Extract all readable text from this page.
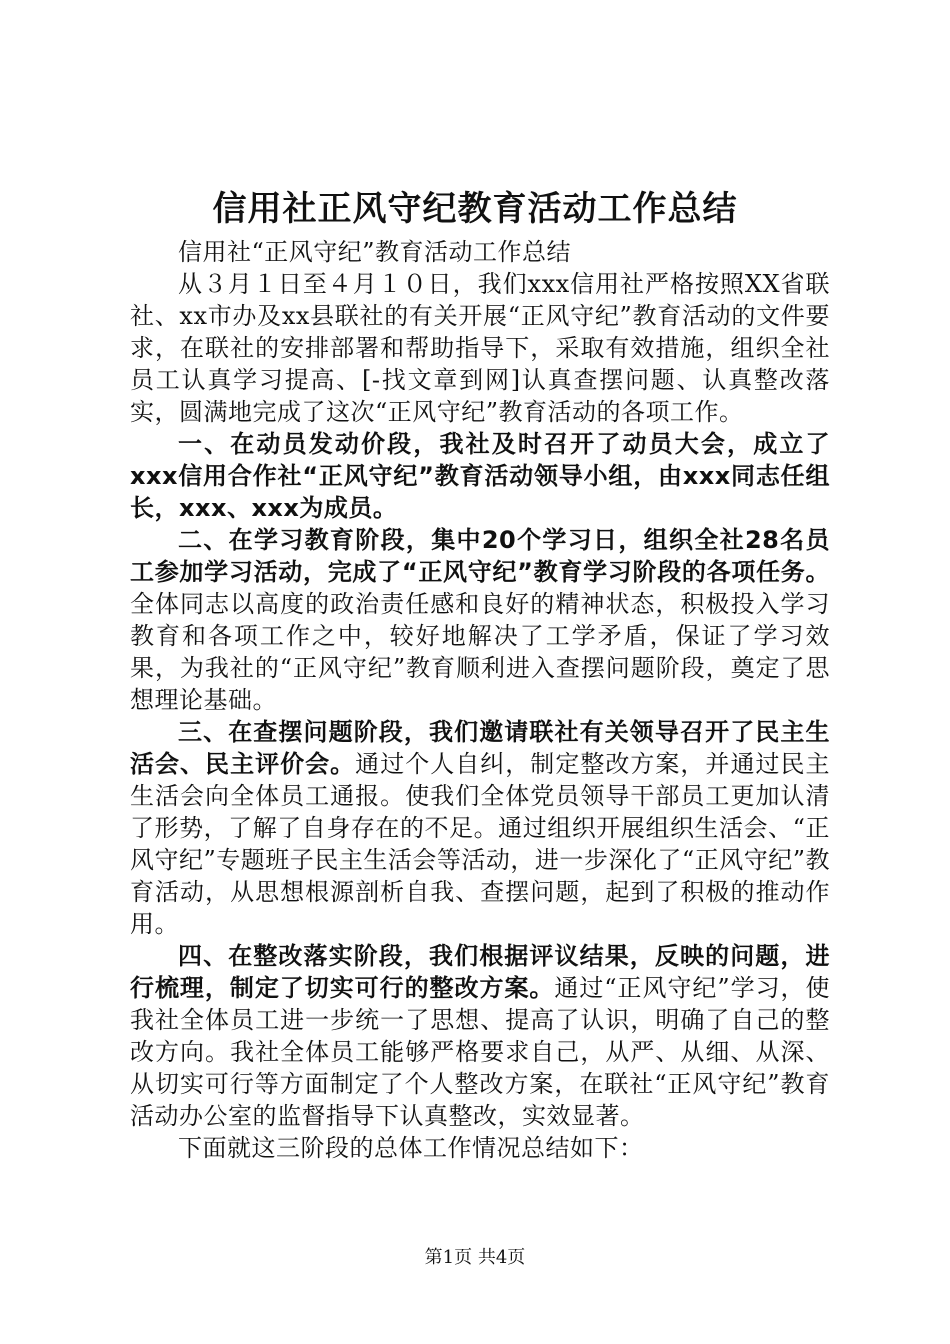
信用社正风守纪教育活动工作总结

信用社“正风守纪”教育活动工作总结

从３月１日至４月１０日，我们xxx信用社严格按照XX省联社、xx市办及xx县联社的有关开展“正风守纪”教育活动的文件要求，在联社的安排部署和帮助指导下，采取有效措施，组织全社员工认真学习提高、[-找文章到网]认真查摆问题、认真整改落实，圆满地完成了这次“正风守纪”教育活动的各项工作。

一、在动员发动价段，我社及时召开了动员大会，成立了xxx信用合作社“正风守纪”教育活动领导小组，由xxx同志任组长，xxx、xxx为成员。

二、在学习教育阶段，集中20个学习日，组织全社28名员工参加学习活动，完成了“正风守纪”教育学习阶段的各项任务。全体同志以高度的政治责任感和良好的精神状态，积极投入学习教育和各项工作之中，较好地解决了工学矛盾，保证了学习效果，为我社的“正风守纪”教育顺利进入查摆问题阶段，奠定了思想理论基础。

三、在查摆问题阶段，我们邀请联社有关领导召开了民主生活会、民主评价会。通过个人自纠，制定整改方案，并通过民主生活会向全体员工通报。使我们全体党员领导干部员工更加认清了形势，了解了自身存在的不足。通过组织开展组织生活会、“正风守纪”专题班子民主生活会等活动，进一步深化了“正风守纪”教育活动，从思想根源剖析自我、查摆问题，起到了积极的推动作用。

四、在整改落实阶段，我们根据评议结果，反映的问题，进行梳理，制定了切实可行的整改方案。通过“正风守纪”学习，使我社全体员工进一步统一了思想、提高了认识，明确了自己的整改方向。我社全体员工能够严格要求自己，从严、从细、从深、从切实可行等方面制定了个人整改方案，在联社“正风守纪”教育活动办公室的监督指导下认真整改，实效显著。

下面就这三阶段的总体工作情况总结如下：

第1页 共4页
